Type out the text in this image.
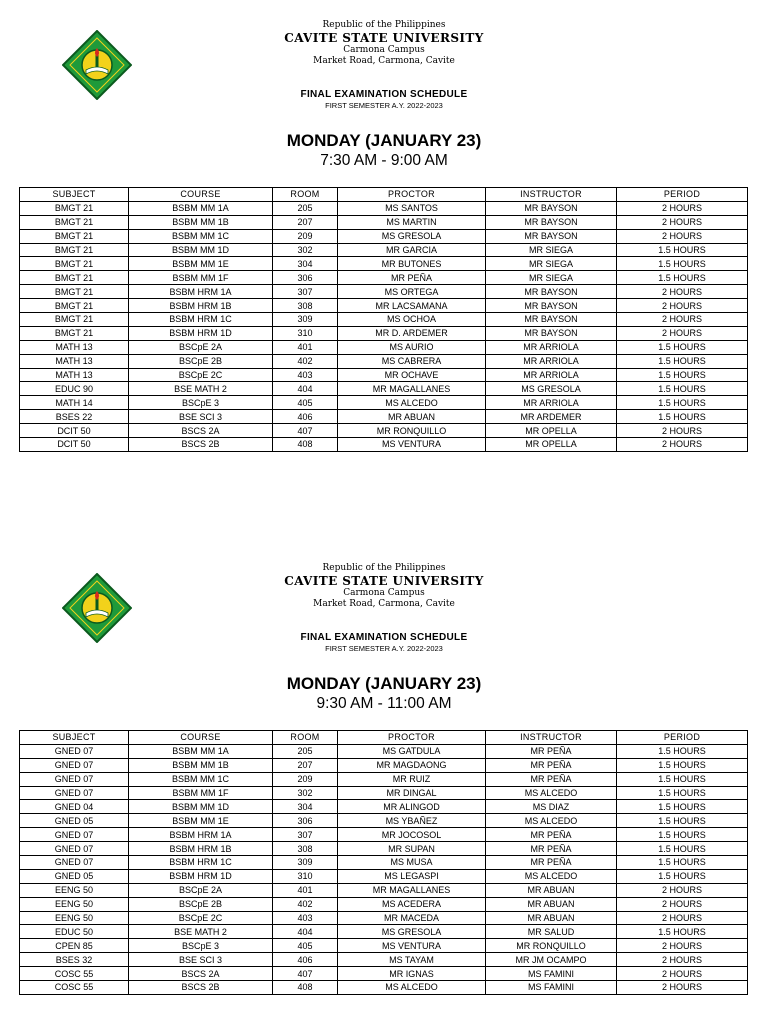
Republic of the Philippines
CAVITE STATE UNIVERSITY
Carmona Campus
Market Road, Carmona, Cavite
FINAL EXAMINATION SCHEDULE
FIRST SEMESTER A.Y. 2022-2023
MONDAY (JANUARY 23)
7:30 AM - 9:00 AM
SUBJECT	COURSE	ROOM	PROCTOR	INSTRUCTOR	PERIOD
BMGT 21	BSBM MM 1A	205	MS SANTOS	MR BAYSON	2 HOURS
BMGT 21	BSBM MM 1B	207	MS MARTIN	MR BAYSON	2 HOURS
BMGT 21	BSBM MM 1C	209	MS GRESOLA	MR BAYSON	2 HOURS
BMGT 21	BSBM MM 1D	302	MR GARCIA	MR SIEGA	1.5 HOURS
BMGT 21	BSBM MM 1E	304	MR BUTONES	MR SIEGA	1.5 HOURS
BMGT 21	BSBM MM 1F	306	MR PEÑA	MR SIEGA	1.5 HOURS
BMGT 21	BSBM HRM 1A	307	MS ORTEGA	MR BAYSON	2 HOURS
BMGT 21	BSBM HRM 1B	308	MR LACSAMANA	MR BAYSON	2 HOURS
BMGT 21	BSBM HRM 1C	309	MS OCHOA	MR BAYSON	2 HOURS
BMGT 21	BSBM HRM 1D	310	MR D. ARDEMER	MR BAYSON	2 HOURS
MATH 13	BSCpE 2A	401	MS AURIO	MR ARRIOLA	1.5 HOURS
MATH 13	BSCpE 2B	402	MS CABRERA	MR ARRIOLA	1.5 HOURS
MATH 13	BSCpE 2C	403	MR OCHAVE	MR ARRIOLA	1.5 HOURS
EDUC 90	BSE MATH 2	404	MR MAGALLANES	MS GRESOLA	1.5 HOURS
MATH 14	BSCpE 3	405	MS ALCEDO	MR ARRIOLA	1.5 HOURS
BSES 22	BSE SCI 3	406	MR ABUAN	MR ARDEMER	1.5 HOURS
DCIT 50	BSCS 2A	407	MR RONQUILLO	MR OPELLA	2 HOURS
DCIT 50	BSCS 2B	408	MS VENTURA	MR OPELLA	2 HOURS
Republic of the Philippines
CAVITE STATE UNIVERSITY
Carmona Campus
Market Road, Carmona, Cavite
FINAL EXAMINATION SCHEDULE
FIRST SEMESTER A.Y. 2022-2023
MONDAY (JANUARY 23)
9:30 AM - 11:00 AM
SUBJECT	COURSE	ROOM	PROCTOR	INSTRUCTOR	PERIOD
GNED 07	BSBM MM 1A	205	MS GATDULA	MR PEÑA	1.5 HOURS
GNED 07	BSBM MM 1B	207	MR MAGDAONG	MR PEÑA	1.5 HOURS
GNED 07	BSBM MM 1C	209	MR RUIZ	MR PEÑA	1.5 HOURS
GNED 07	BSBM MM 1F	302	MR DINGAL	MS ALCEDO	1.5 HOURS
GNED 04	BSBM MM 1D	304	MR ALINGOD	MS DIAZ	1.5 HOURS
GNED 05	BSBM MM 1E	306	MS YBAÑEZ	MS ALCEDO	1.5 HOURS
GNED 07	BSBM HRM 1A	307	MR JOCOSOL	MR PEÑA	1.5 HOURS
GNED 07	BSBM HRM 1B	308	MR SUPAN	MR PEÑA	1.5 HOURS
GNED 07	BSBM HRM 1C	309	MS MUSA	MR PEÑA	1.5 HOURS
GNED 05	BSBM HRM 1D	310	MS LEGASPI	MS ALCEDO	1.5 HOURS
EENG 50	BSCpE 2A	401	MR MAGALLANES	MR ABUAN	2 HOURS
EENG 50	BSCpE 2B	402	MS ACEDERA	MR ABUAN	2 HOURS
EENG 50	BSCpE 2C	403	MR MACEDA	MR ABUAN	2 HOURS
EDUC 50	BSE MATH 2	404	MS GRESOLA	MR SALUD	1.5 HOURS
CPEN 85	BSCpE 3	405	MS VENTURA	MR RONQUILLO	2 HOURS
BSES 32	BSE SCI 3	406	MS TAYAM	MR JM OCAMPO	2 HOURS
COSC 55	BSCS 2A	407	MR IGNAS	MS FAMINI	2 HOURS
COSC 55	BSCS 2B	408	MS ALCEDO	MS FAMINI	2 HOURS
